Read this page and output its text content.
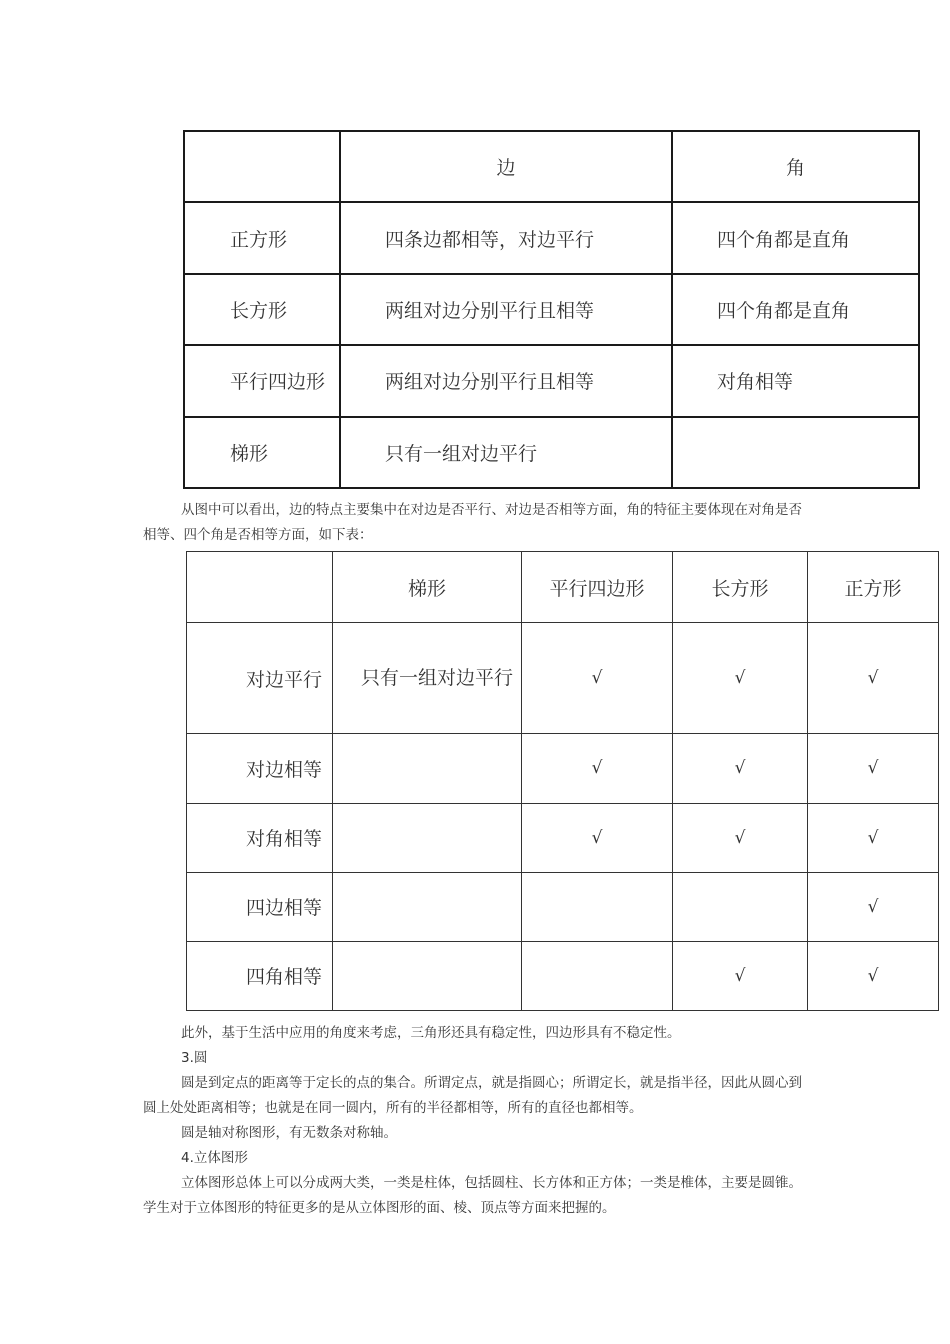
	边	角
正方形	四条边都相等，对边平行	四个角都是直角
长方形	两组对边分别平行且相等	四个角都是直角
平行四边形	两组对边分别平行且相等	对角相等
梯形	只有一组对边平行	

从图中可以看出，边的特点主要集中在对边是否平行、对边是否相等方面，角的特征主要体现在对角是否相等、四个角是否相等方面，如下表：

	梯形	平行四边形	长方形	正方形
对边平行	只有一组对边平行	√	√	√
对边相等		√	√	√
对角相等		√	√	√
四边相等				√
四角相等			√	√

此外，基于生活中应用的角度来考虑，三角形还具有稳定性，四边形具有不稳定性。

3.圆

圆是到定点的距离等于定长的点的集合。所谓定点，就是指圆心；所谓定长，就是指半径，因此从圆心到圆上处处距离相等；也就是在同一圆内，所有的半径都相等，所有的直径也都相等。

圆是轴对称图形，有无数条对称轴。

4.立体图形

立体图形总体上可以分成两大类，一类是柱体，包括圆柱、长方体和正方体；一类是椎体，主要是圆锥。学生对于立体图形的特征更多的是从立体图形的面、棱、顶点等方面来把握的。
